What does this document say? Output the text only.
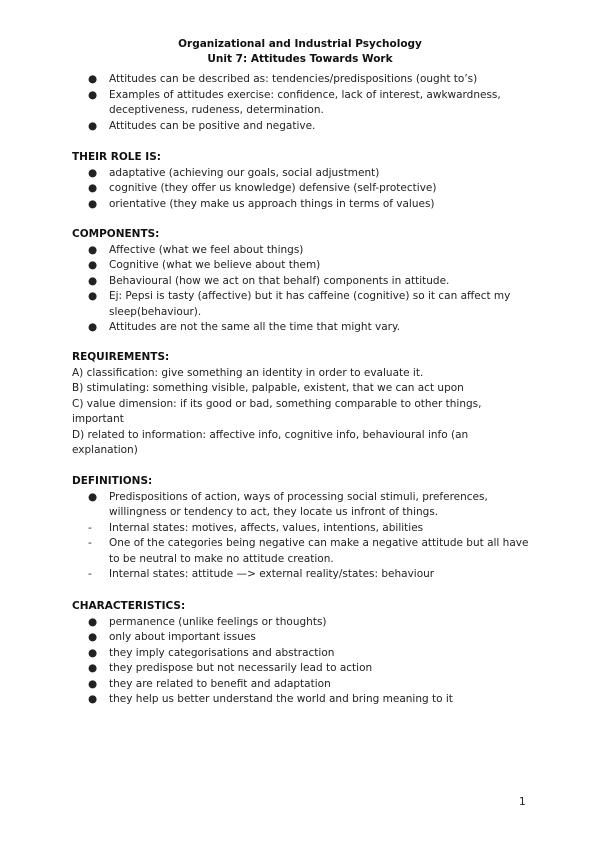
Organizational and Industrial Psychology
Unit 7: Attitudes Towards Work

●	Attitudes can be described as: tendencies/predispositions (ought to’s)

●	Examples of attitudes exercise: confidence, lack of interest, awkwardness, deceptiveness, rudeness, determination.

●	Attitudes can be positive and negative.

THEIR ROLE IS:

●	adaptative (achieving our goals, social adjustment)

●	cognitive (they offer us knowledge) defensive (self-protective)

●	orientative (they make us approach things in terms of values)

COMPONENTS:

●	Affective (what we feel about things)

●	Cognitive (what we believe about them)

●	Behavioural (how we act on that behalf) components in attitude.

●	Ej: Pepsi is tasty (affective) but it has caffeine (cognitive) so it can affect my sleep(behaviour).

●	Attitudes are not the same all the time that might vary.

REQUIREMENTS:

A) classification: give something an identity in order to evaluate it.

B) stimulating: something visible, palpable, existent, that we can act upon

C) value dimension: if its good or bad, something comparable to other things, important

D) related to information: affective info, cognitive info, behavioural info (an explanation)

DEFINITIONS:

●	Predispositions of action, ways of processing social stimuli, preferences, willingness or tendency to act, they locate us infront of things.

-	Internal states: motives, affects, values, intentions, abilities

-	One of the categories being negative can make a negative attitude but all have to be neutral to make no attitude creation.

-	Internal states: attitude —> external reality/states: behaviour

CHARACTERISTICS:

●	permanence (unlike feelings or thoughts)

●	only about important issues

●	they imply categorisations and abstraction

●	they predispose but not necessarily lead to action

●	they are related to benefit and adaptation

●	they help us better understand the world and bring meaning to it

1
